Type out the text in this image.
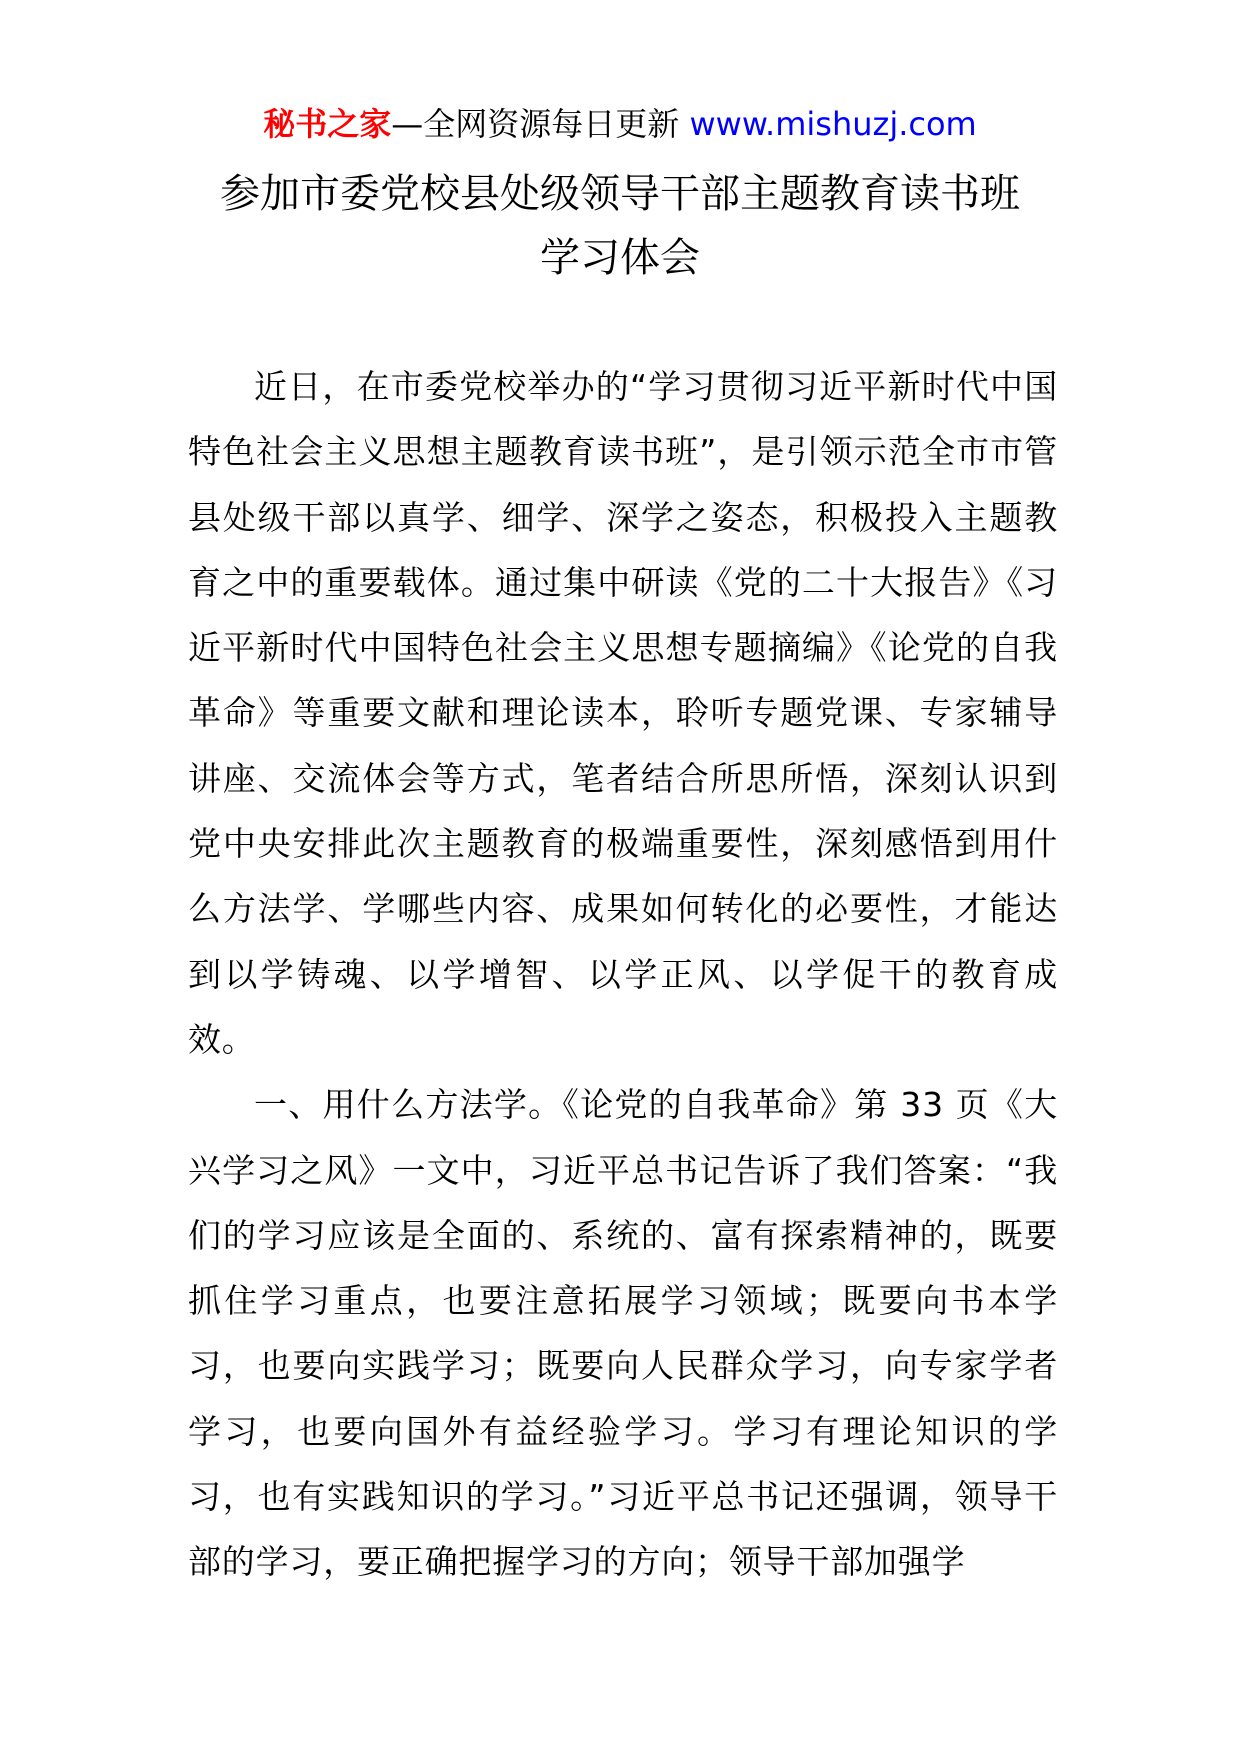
秘书之家—全网资源每日更新 www.mishuzj.com
参加市委党校县处级领导干部主题教育读书班
学习体会

近日，在市委党校举办的“学习贯彻习近平新时代中国特色社会主义思想主题教育读书班”，是引领示范全市市管县处级干部以真学、细学、深学之姿态，积极投入主题教育之中的重要载体。通过集中研读《党的二十大报告》《习近平新时代中国特色社会主义思想专题摘编》《论党的自我革命》等重要文献和理论读本，聆听专题党课、专家辅导讲座、交流体会等方式，笔者结合所思所悟，深刻认识到党中央安排此次主题教育的极端重要性，深刻感悟到用什么方法学、学哪些内容、成果如何转化的必要性，才能达到以学铸魂、以学增智、以学正风、以学促干的教育成效。

一、用什么方法学。《论党的自我革命》第 33 页《大兴学习之风》一文中，习近平总书记告诉了我们答案：“我们的学习应该是全面的、系统的、富有探索精神的，既要抓住学习重点，也要注意拓展学习领域；既要向书本学习，也要向实践学习；既要向人民群众学习，向专家学者学习，也要向国外有益经验学习。学习有理论知识的学习，也有实践知识的学习。”习近平总书记还强调，领导干部的学习，要正确把握学习的方向；领导干部加强学
